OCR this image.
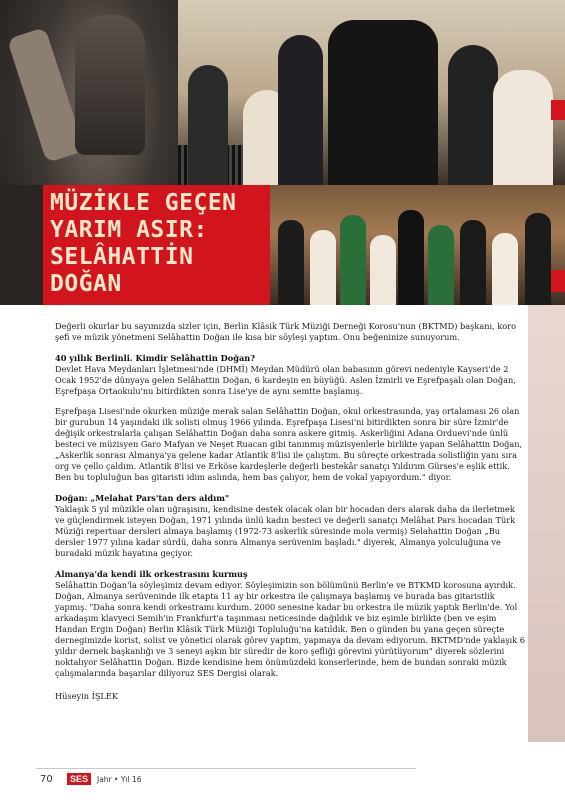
MÜZİKLE GEÇEN
YARIM ASIR:
SELÂHATTİN
DOĞAN

Değerli okurlar bu sayımızda sizler için, Berlin Klâsik Türk Müziği Derneği Korosu'nun (BKTMD) başkanı, koro şefi ve müzik yönetmeni Selâhattin Doğan ile kısa bir söyleşi yaptım. Onu beğeninize sunuyorum.

40 yıllık Berlinli. Kimdir Selâhattin Doğan?

Devlet Hava Meydanları İşletmesi'nde (DHMİ) Meydan Müdürü olan babasının görevi nedeniyle Kayseri'de 2 Ocak 1952'de dünyaya gelen Selâhattin Doğan, 6 kardeşin en büyüğü. Aslen İzmirli ve Eşrefpaşalı olan Doğan, Eşrefpaşa Ortaokulu'nu bitirdikten sonra Lise'ye de aynı semtte başlamış.

Eşrefpaşa Lisesi'nde okurken müziğe merak salan Selâhattin Doğan, okul orkestrasında, yaş ortalaması 26 olan bir gurubun 14 yaşındaki ilk solisti olmuş 1966 yılında. Eşrefpaşa Lisesi'ni bitirdikten sonra bir süre İzmir'de değişik orkestralarla çalışan Selâhattin Doğan daha sonra askere gitmiş. Askerliğini Adana Orduevi'nde ünlü besteci ve müzisyen Garo Mafyan ve Neşet Ruacan gibi tanınmış müzisyenlerle birlikte yapan Selâhattin Doğan, „Askerlik sonrası Almanya'ya gelene kadar Atlantik 8'lisi ile çalıştım. Bu süreçte orkestrada solistliğin yanı sıra org ve çello çaldım. Atlantik 8'lisi ve Erköse kardeşlerle değerli bestekâr sanatçı Yıldırım Gürses'e eşlik ettik. Ben bu topluluğun bas gitaristi idim aslında, hem bas çalıyor, hem de vokal yapıyordum." diyor.

Doğan: „Melahat Pars'tan ders aldım"

Yaklaşık 5 yıl müzikle olan uğraşısını, kendisine destek olacak olan bir hocadan ders alarak daha da ilerletmek ve güçlendirmek isteyen Doğan, 1971 yılında ünlü kadın besteci ve değerli sanatçı Melâhat Pars hocadan Türk Müziği repertuar dersleri almaya başlamış (1972-73 askerlik süresinde mola vermiş) Selahattin Doğan „Bu dersler 1977 yılına kadar sürdü, daha sonra Almanya serüvenim başladı." diyerek, Almanya yolculuğuna ve buradaki müzik hayatına geçiyor.

Almanya'da kendi ilk orkestrasını kurmuş

Selâhattin Doğan'la söyleşimiz devam ediyor. Söyleşimizin son bölümünü Berlin'e ve BTKMD korosuna ayırdık. Doğan, Almanya serüveninde ilk etapta 11 ay bir orkestra ile çalışmaya başlamış ve burada bas gitaristlik yapmış. "Daha sonra kendi orkestramı kurdum. 2000 senesine kadar bu orkestra ile müzik yaptık Berlin'de. Yol arkadaşım klavyeci Semih'in Frankfurt'a taşınması neticesinde dağıldık ve biz eşimle birlikte (ben ve eşim Handan Ergin Doğan) Berlin Klâsik Türk Müziği Topluluğu'na katıldık. Ben o günden bu yana geçen süreçte dernegimizde korist, solist ve yönetici olarak görev yaptım, yapmaya da devam ediyorum. BKTMD'nde yaklaşık 6 yıldır dernek başkanlığı ve 3 seneyi aşkın bir süredir de koro şefliği görevini yürütüyorum" diyerek sözlerini noktalıyor Selâhattin Doğan. Bizde kendisine hem önümüzdeki konserlerinde, hem de bundan sonraki müzik çalışmalarında başarılar diliyoruz SES Dergisi olarak.

Hüseyin İŞLEK

70	SES	Jahr • Yıl 16
